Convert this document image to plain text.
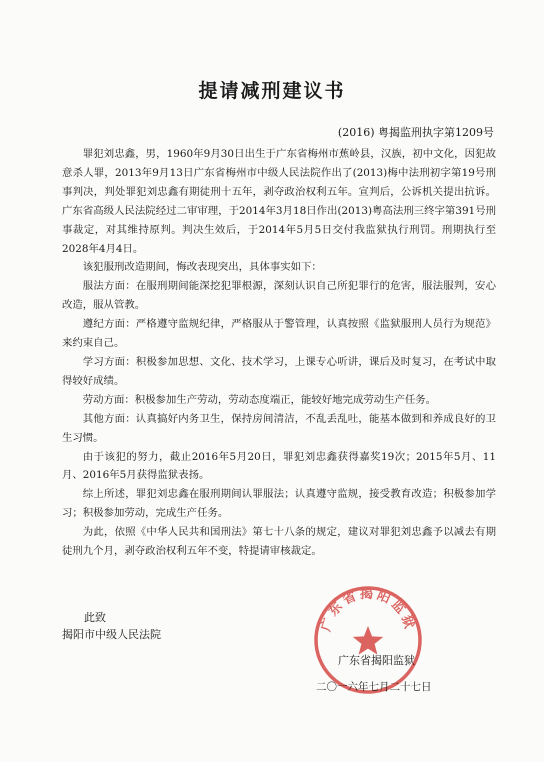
提请减刑建议书
(2016) 粤揭监刑执字第1209号

罪犯刘忠鑫，男，1960年9月30日出生于广东省梅州市蕉岭县，汉族，初中文化，因犯故意杀人罪，2013年9月13日广东省梅州市中级人民法院作出了(2013)梅中法刑初字第19号刑事判决，判处罪犯刘忠鑫有期徒刑十五年，剥夺政治权利五年。宣判后，公诉机关提出抗诉。广东省高级人民法院经过二审审理，于2014年3月18日作出(2013)粤高法刑三终字第391号刑事裁定，对其维持原判。判决生效后，于2014年5月5日交付我监狱执行刑罚。刑期执行至2028年4月4日。

该犯服刑改造期间，悔改表现突出，具体事实如下：

服法方面：在服刑期间能深挖犯罪根源，深刻认识自己所犯罪行的危害，服法服判，安心改造，服从管教。

遵纪方面：严格遵守监规纪律，严格服从于警管理，认真按照《监狱服刑人员行为规范》来约束自己。

学习方面：积极参加思想、文化、技术学习，上课专心听讲，课后及时复习，在考试中取得较好成绩。

劳动方面：积极参加生产劳动，劳动态度端正，能较好地完成劳动生产任务。

其他方面：认真搞好内务卫生，保持房间清洁，不乱丢乱吐，能基本做到和养成良好的卫生习惯。

由于该犯的努力，截止2016年5月20日，罪犯刘忠鑫获得嘉奖19次；2015年5月、11月、2016年5月获得监狱表扬。

综上所述，罪犯刘忠鑫在服刑期间认罪服法；认真遵守监规，接受教育改造；积极参加学习；积极参加劳动，完成生产任务。

为此，依照《中华人民共和国刑法》第七十八条的规定，建议对罪犯刘忠鑫予以减去有期徒刑九个月，剥夺政治权利五年不变，特提请审核裁定。

此致
揭阳市中级人民法院
广东省揭阳监狱
广东省揭阳监狱
二〇一六年七月二十七日
